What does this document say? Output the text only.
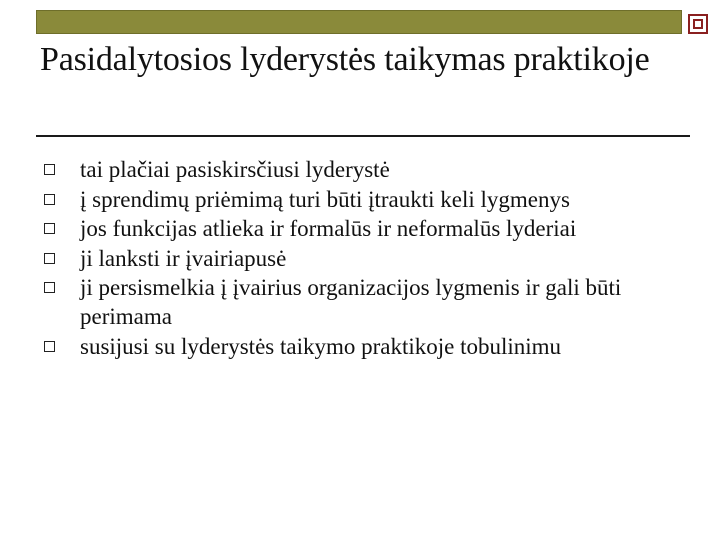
Pasidalytosios lyderystės taikymas praktikoje
tai plačiai pasiskirsčiusi lyderystė
į sprendimų priėmimą turi būti įtraukti keli lygmenys
jos funkcijas atlieka ir formalūs ir neformalūs lyderiai
ji lanksti ir įvairiapusė
ji persismelkia į įvairius organizacijos lygmenis ir gali būti perimama
susijusi su lyderystės taikymo praktikoje tobulinimu
